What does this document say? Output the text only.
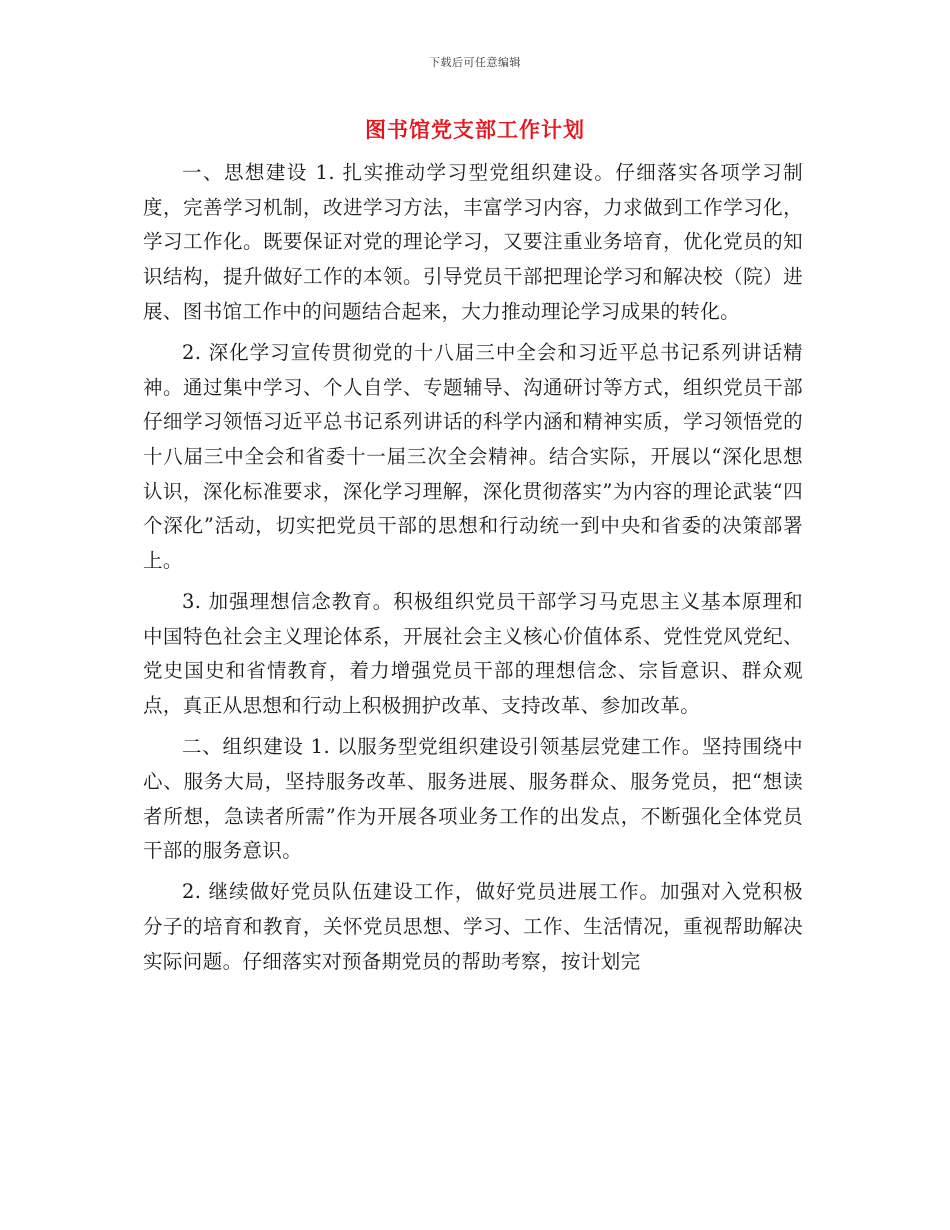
下载后可任意编辑
图书馆党支部工作计划

一、思想建设 1. 扎实推动学习型党组织建设。仔细落实各项学习制度，完善学习机制，改进学习方法，丰富学习内容，力求做到工作学习化，学习工作化。既要保证对党的理论学习，又要注重业务培育，优化党员的知识结构，提升做好工作的本领。引导党员干部把理论学习和解决校（院）进展、图书馆工作中的问题结合起来，大力推动理论学习成果的转化。

2. 深化学习宣传贯彻党的十八届三中全会和习近平总书记系列讲话精神。通过集中学习、个人自学、专题辅导、沟通研讨等方式，组织党员干部仔细学习领悟习近平总书记系列讲话的科学内涵和精神实质，学习领悟党的十八届三中全会和省委十一届三次全会精神。结合实际，开展以“深化思想认识，深化标准要求，深化学习理解，深化贯彻落实”为内容的理论武装“四个深化”活动，切实把党员干部的思想和行动统一到中央和省委的决策部署上。

3. 加强理想信念教育。积极组织党员干部学习马克思主义基本原理和中国特色社会主义理论体系，开展社会主义核心价值体系、党性党风党纪、党史国史和省情教育，着力增强党员干部的理想信念、宗旨意识、群众观点，真正从思想和行动上积极拥护改革、支持改革、参加改革。

二、组织建设 1. 以服务型党组织建设引领基层党建工作。坚持围绕中心、服务大局，坚持服务改革、服务进展、服务群众、服务党员，把“想读者所想，急读者所需”作为开展各项业务工作的出发点，不断强化全体党员干部的服务意识。

2. 继续做好党员队伍建设工作，做好党员进展工作。加强对入党积极分子的培育和教育，关怀党员思想、学习、工作、生活情况，重视帮助解决实际问题。仔细落实对预备期党员的帮助考察，按计划完
